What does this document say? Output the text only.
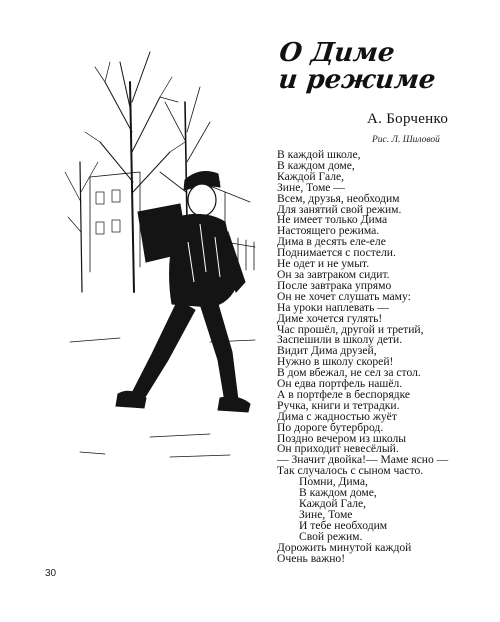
О Диме
и режиме
А. Борченко
Рис. Л. Шиловой
В каждой школе,
В каждом доме,
Каждой Гале,
Зине, Томе —
Всем, друзья, необходим
Для занятий свой режим.
Не имеет только Дима
Настоящего режима.
Дима в десять еле-еле
Поднимается с постели.
Не одет и не умыт.
Он за завтраком сидит.
После завтрака упрямо
Он не хочет слушать маму:
На уроки наплевать —
Диме хочется гулять!
Час прошёл, другой и третий,
Заспешили в школу дети.
Видит Дима друзей,
Нужно в школу скорей!
В дом вбежал, не сел за стол.
Он едва портфель нашёл.
А в портфеле в беспорядке
Ручка, книги и тетрадки.
Дима с жадностью жуёт
По дороге бутерброд.
Поздно вечером из школы
Он приходит невесёлый.
— Значит двойка!— Маме ясно —
Так случалось с сыном часто.
Помни, Дима,
В каждом доме,
Каждой Гале,
Зине, Томе
И тебе необходим
Свой режим.
Дорожить минутой каждой
Очень важно!
30
